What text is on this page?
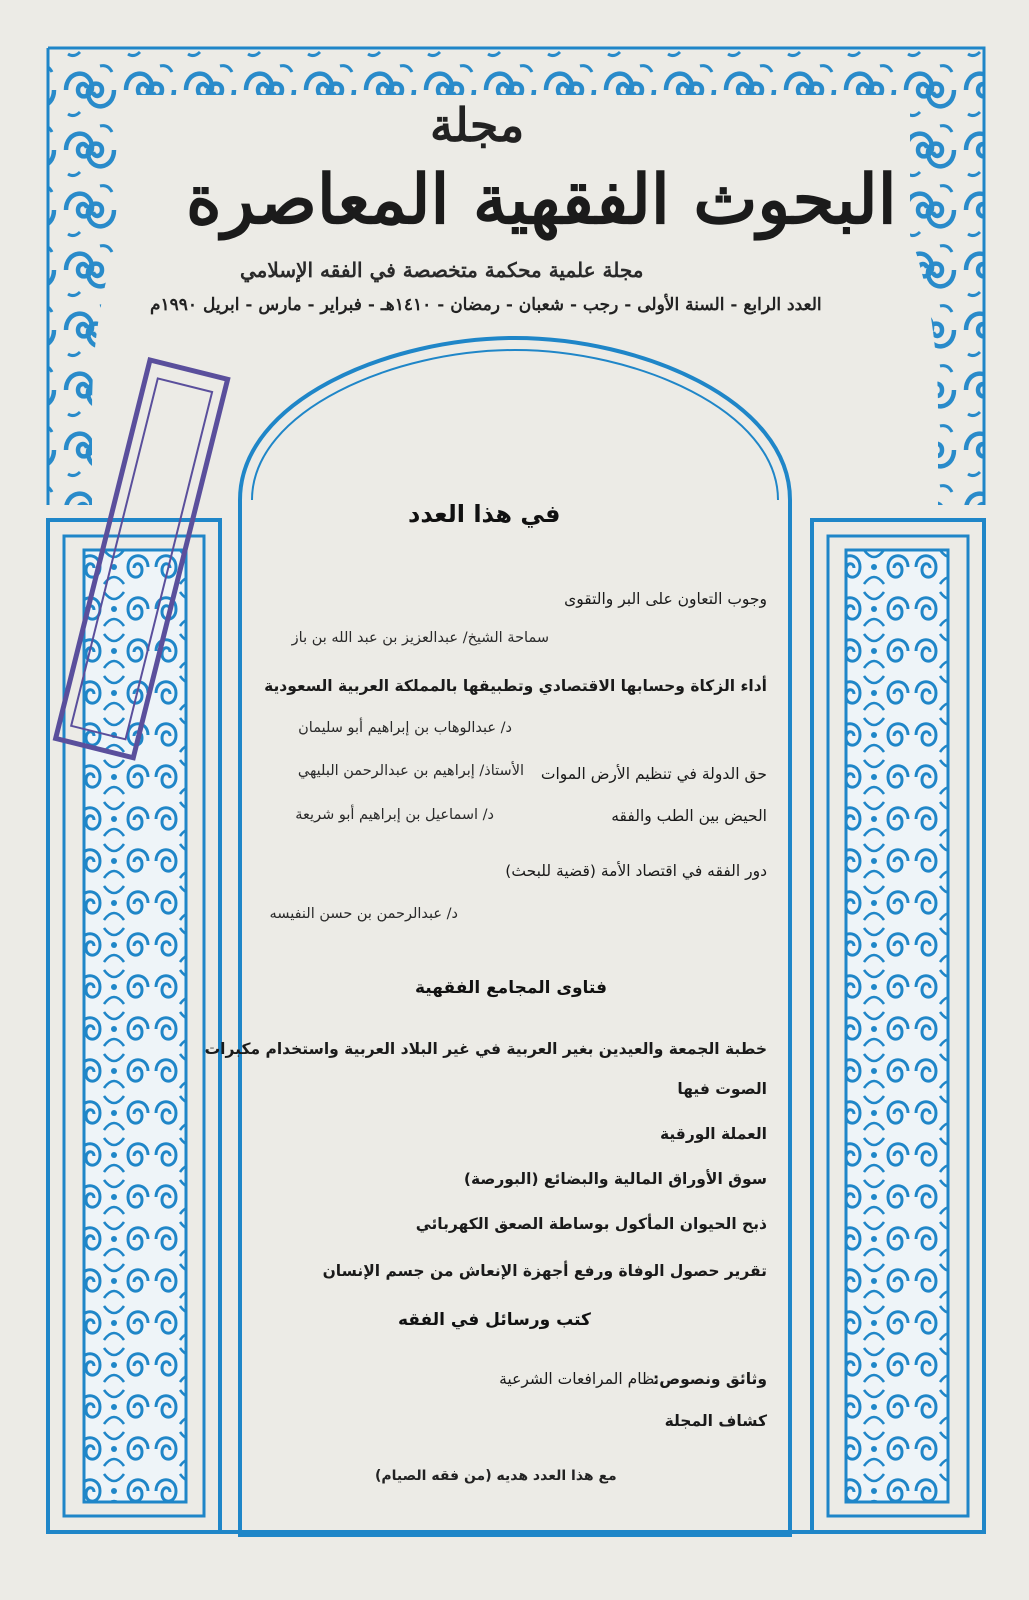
مجلة
البحوث الفقهية المعاصرة
مجلة علمية محكمة متخصصة في الفقه الإسلامي
العدد الرابع - السنة الأولى - رجب - شعبان - رمضان - ١٤١٠هـ - فبراير - مارس - ابريل ١٩٩٠م
في هذا العدد
وجوب التعاون على البر والتقوى
سماحة الشيخ/ عبدالعزيز بن عبد الله بن باز
أداء الزكاة وحسابها الاقتصادي وتطبيقها بالمملكة العربية السعودية
د/ عبدالوهاب بن إبراهيم أبو سليمان
حق الدولة في تنظيم الأرض الموات
الأستاذ/ إبراهيم بن عبدالرحمن البليهي
الحيض بين الطب والفقه
د/ اسماعيل بن إبراهيم أبو شريعة
دور الفقه في اقتصاد الأمة (قضية للبحث)
د/ عبدالرحمن بن حسن النفيسه
فتاوى المجامع الفقهية
خطبة الجمعة والعيدين بغير العربية في غير البلاد العربية واستخدام مكبرات
الصوت فيها
العملة الورقية
سوق الأوراق المالية والبضائع (البورصة)
ذبح الحيوان المأكول بوساطة الصعق الكهربائي
تقرير حصول الوفاة ورفع أجهزة الإنعاش من جسم الإنسان
كتب ورسائل في الفقه
وثائق ونصوص:
نظام المرافعات الشرعية
كشاف المجلة
مع هذا العدد هديه (من فقه الصيام)
